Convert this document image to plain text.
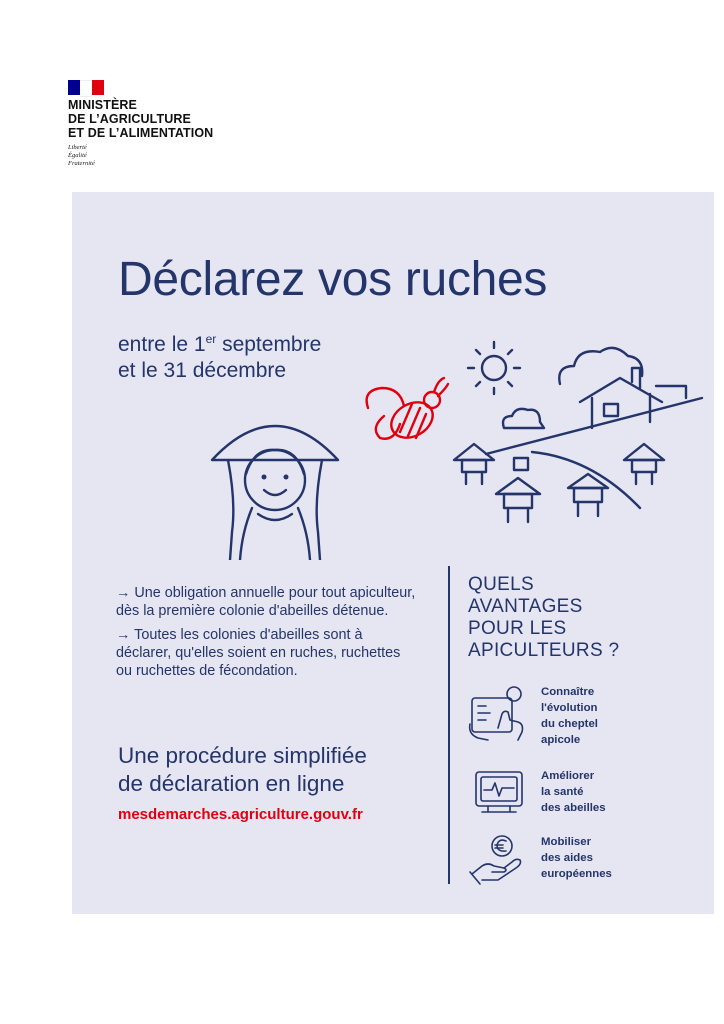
MINISTÈRE
DE L’AGRICULTURE
ET DE L’ALIMENTATION
Liberté
Égalité
Fraternité
Déclarez vos ruches
entre le 1er septembre
et le 31 décembre

→ Une obligation annuelle pour tout apiculteur, dès la première colonie d'abeilles détenue.

→ Toutes les colonies d'abeilles sont à déclarer, qu'elles soient en ruches, ruchettes ou ruchettes de fécondation.

Une procédure simplifiée
de déclaration en ligne
mesdemarches.agriculture.gouv.fr
QUELS
AVANTAGES
POUR LES
APICULTEURS ?
Connaître
l'évolution
du cheptel
apicole
Améliorer
la santé
des abeilles
Mobiliser
des aides
européennes
